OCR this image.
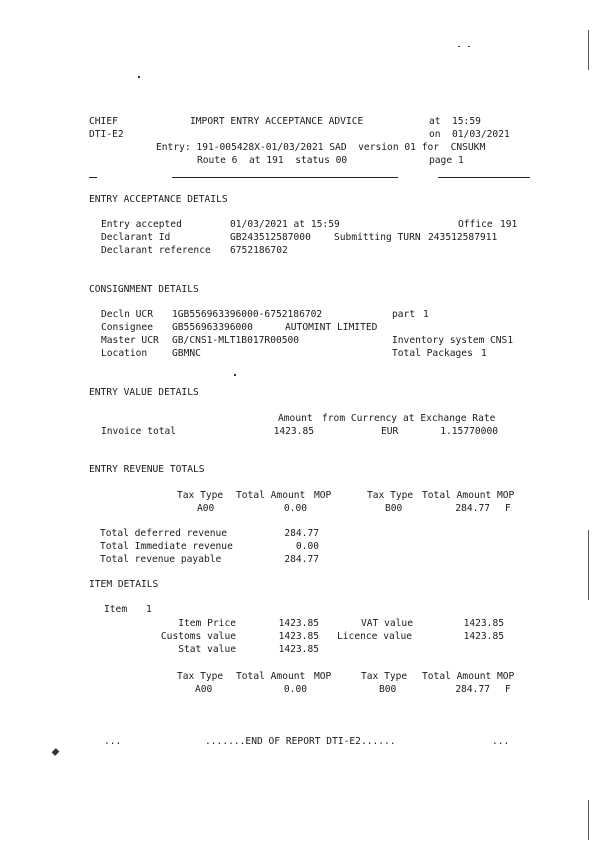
CHIEF
DTI-E2
IMPORT ENTRY ACCEPTANCE ADVICE	at 15:59
on 01/03/2021
Entry: 191-005428X-01/03/2021 SAD  version 01 for  CNSUKM
Route 6  at 191  status 00	page 1
ENTRY ACCEPTANCE DETAILS
Entry accepted	01/03/2021 at 15:59	Office 191
Declarant Id	GB243512587000 Submitting TURN 243512587911
Declarant reference 6752186702
CONSIGNMENT DETAILS
Decln UCR 1GB556963396000-6752186702	part 1
Consignee GB556963396000	AUTOMINT LIMITED
Master UCR GB/CNS1-MLT1B017R00500	Inventory system CNS1
Location	GBMNC	Total Packages 1
ENTRY VALUE DETAILS
Amount from Currency at Exchange Rate
Invoice total	1423.85	EUR	1.15770000
ENTRY REVENUE TOTALS
Tax Type Total Amount MOP	Tax Type Total Amount MOP
A00	0.00	B00	284.77 F
Total deferred revenue	284.77
Total Immediate revenue	0.00
Total revenue payable	284.77
ITEM DETAILS
Item 1
Item Price	1423.85	VAT value	1423.85
Customs value	1423.85 Licence value	1423.85
Stat value	1423.85
Tax Type Total Amount MOP	Tax Type Total Amount MOP
A00	0.00	B00	284.77 F
...	.......END OF REPORT DTI-E2......	...
